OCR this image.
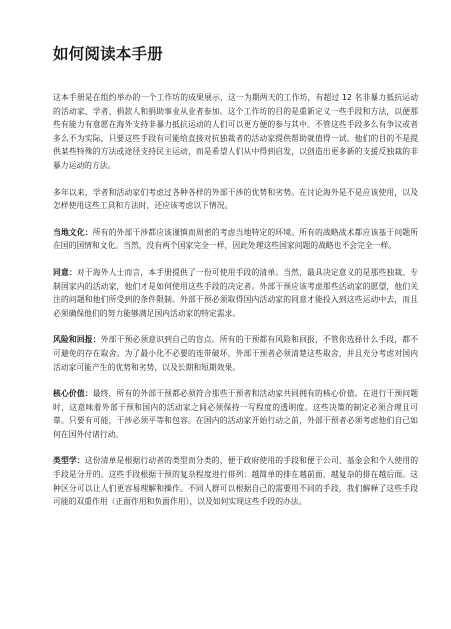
如何阅读本手册

这本手册是在组约举办的一个工作坊的成果展示，这一为期两天的工作坊，有超过 12 名非暴力抵抗运动的活动家、学者、捐款人和捐助事业从业者参加。这个工作坊的目的是重新定义一些手段和方法，以便那些有能力有意愿在海外支持非暴力抵抗运动的人们可以更方便的参与其中。不管这些手段多么有争议或者多么不为实际，只要这些手段有可能给直接对抗独裁者的活动家提供帮助就值得一试。他们的目的不是提供某些特殊的方法或途径支持民主运动，而是希望人们从中得到启发，以创造出更多新的支援反独裁的非暴力运动的方法。

多年以来，学者和活动家们考虑过各种各样的外部干涉的优势和劣势。在讨论海外是不是应该使用，以及怎样使用这些工具和方法时，还应该考虑以下情况。

当地文化：所有的外部干涉都应该谨慎而周密的考虑当地特定的环境。所有的战略战术都应该基于问题所在国的国情和文化。当然，没有两个国家完全一样，因此处理这些国家问题的战略也不会完全一样。

同意：对于海外人士而言，本手册提供了一份可使用手段的清单。当然，最具决定意义的是那些独裁、专制国家内的活动家，他们才是如何使用这些手段的决定者。外部干预应该考虑那些活动家的愿望，他们关注的问题和他们所受到的条件限制。外部干预必须取得国内活动家的同意才能投入到这些运动中去，而且必须确保他们的努力能够满足国内活动家的特定需求。

风险和回报：外部干预必须意识到自己的盲点。所有的干预都有风险和回报，不管你选择什么手段，都不可避免的存在取舍。为了最小化不必要的连带破坏，外部干预者必须清楚这些取舍，并且充分考虑对国内活动家可能产生的优势和劣势，以及长期和短期效果。

核心价值：最终，所有的外部干预都必须符合那些干预者和活动家共同拥有的核心价值。在进行干预问题时，这意味着外部干预和国内的活动家之间必须保持一写程度的透明度。这些决策的制定必须合理且可靠。只要有可能，干涉必须平等和包容。在国内的活动家开始行动之前，外部干预者必须考虑他们自己如何在国外付诸行动。

类型学：这份清单是根据行动者的类型而分类的，便于政府使用的手段和便于公司、基金会和个人使用的手段是分开的。这些手段根据干预的复杂程度进行排列：越简单的排在越前面，越复杂的排在越后面。这种区分可以让人们更容易理解和操作。不同人群可以根据自己的需要用不同的手段，我们解释了这些手段可能的双重作用（正面作用和负面作用），以及如何实现这些手段的办法。
